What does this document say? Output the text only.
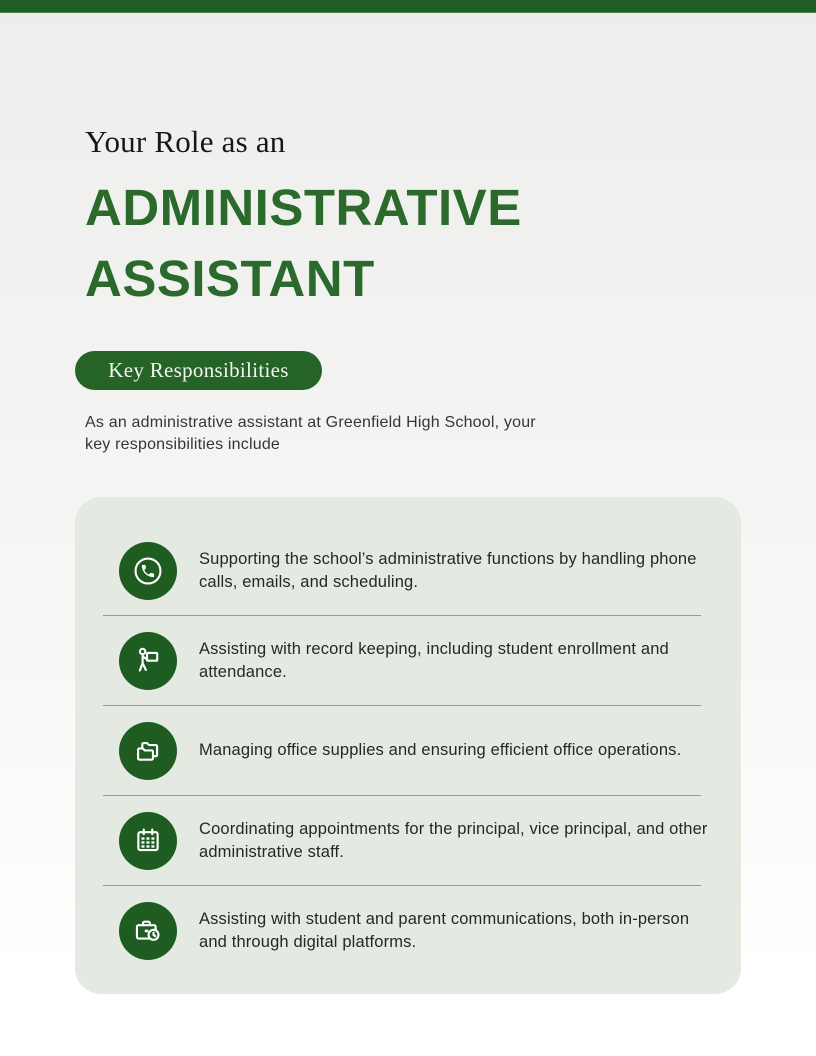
Your Role as an
ADMINISTRATIVE ASSISTANT
Key Responsibilities

As an administrative assistant at Greenfield High School, your key responsibilities include

Supporting the school’s administrative functions by handling phone calls, emails, and scheduling.
Assisting with record keeping, including student enrollment and attendance.
Managing office supplies and ensuring efficient office operations.
Coordinating appointments for the principal, vice principal, and other administrative staff.
Assisting with student and parent communications, both in-person and through digital platforms.
